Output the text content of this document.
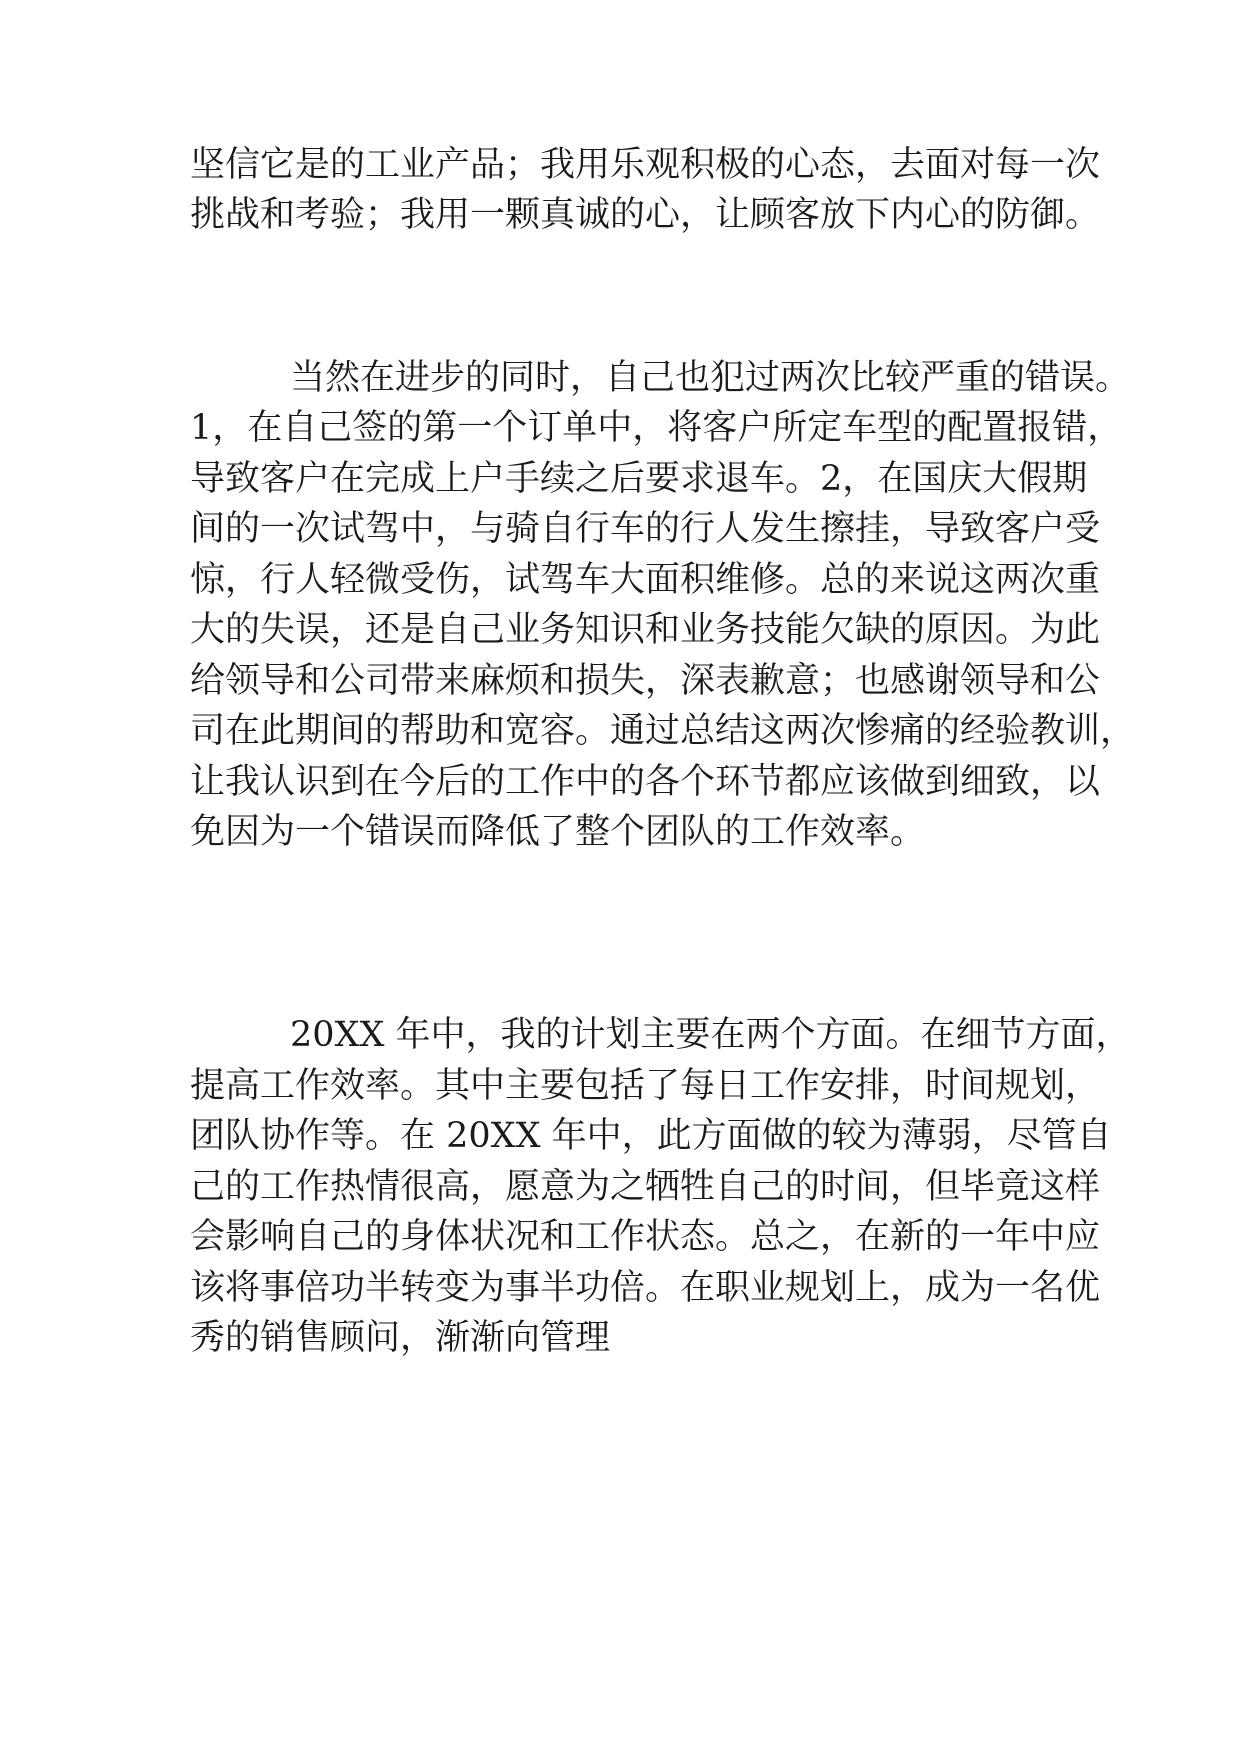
坚信它是的工业产品；我用乐观积极的心态，去面对每一次
挑战和考验；我用一颗真诚的心，让顾客放下内心的防御。
当然在进步的同时，自己也犯过两次比较严重的错误。
1，在自己签的第一个订单中，将客户所定车型的配置报错，
导致客户在完成上户手续之后要求退车。2，在国庆大假期
间的一次试驾中，与骑自行车的行人发生擦挂，导致客户受
惊，行人轻微受伤，试驾车大面积维修。总的来说这两次重
大的失误，还是自己业务知识和业务技能欠缺的原因。为此
给领导和公司带来麻烦和损失，深表歉意；也感谢领导和公
司在此期间的帮助和宽容。通过总结这两次惨痛的经验教训，
让我认识到在今后的工作中的各个环节都应该做到细致，以
免因为一个错误而降低了整个团队的工作效率。
20XX 年中，我的计划主要在两个方面。在细节方面，
提高工作效率。其中主要包括了每日工作安排，时间规划，
团队协作等。在 20XX 年中，此方面做的较为薄弱，尽管自
己的工作热情很高，愿意为之牺牲自己的时间，但毕竟这样
会影响自己的身体状况和工作状态。总之，在新的一年中应
该将事倍功半转变为事半功倍。在职业规划上，成为一名优
秀的销售顾问，渐渐向管理
